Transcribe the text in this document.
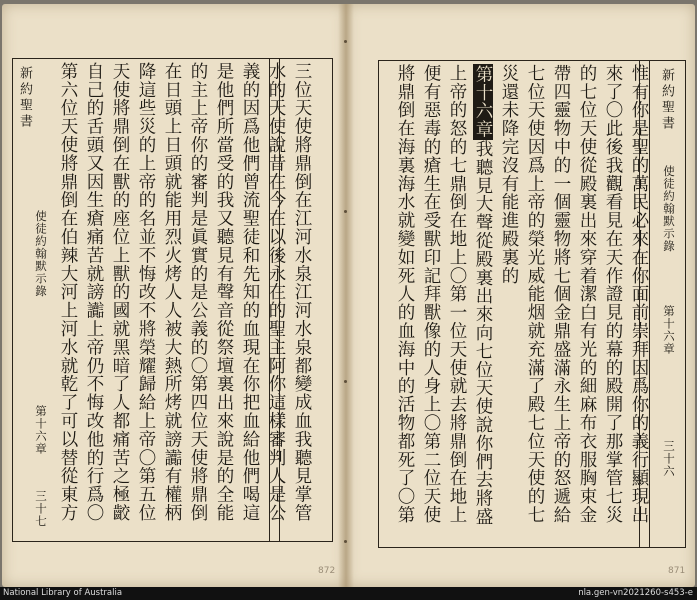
新約聖書
使徒約翰默示錄
第十六章
三十七	三位天使將鼎倒在江河水泉江河水泉都變成血我聽見掌管
水的天使說昔在今在以後永在的聖主阿你這樣審判人是公
義的因爲他們曾流聖徒和先知的血現在你把血給他們喝這
是他們所當受的我又聽見有聲音從祭壇裏出來說是的全能
的主上帝你的審判是眞實的是公義的〇第四位天使將鼎倒
在日頭上日頭就能用烈火烤人人被大熱所烤就謗讟有權柄
降這些災的上帝的名並不悔改不將榮耀歸給上帝〇第五位
天使將鼎倒在獸的座位上獸的國就黑暗了人都痛苦之極齩
自己的舌頭又因生瘡痛苦就謗讟上帝仍不悔改他的行爲〇
第六位天使將鼎倒在伯辣大河上河水就乾了可以替從東方
872
新約聖書
使徒約翰默示錄
第十六章
三十六
惟有你是聖的萬民必來在你面前崇拜因爲你的義行顯現出
來了〇此後我觀看見在天作證見的幕的殿開了那掌管七災
的七位天使從殿裏出來穿着潔白有光的細麻布衣服胸束金
帶四靈物中的一個靈物將七個金鼎盛滿永生上帝的怒遞給
七位天使因爲上帝的榮光威能烟就充滿了殿七位天使的七
災還未降完沒有能進殿裏的
第十六章我聽見大聲從殿裏出來向七位天使說你們去將盛
上帝的怒的七鼎倒在地上〇第一位天使就去將鼎倒在地上
便有惡毒的瘡生在受獸印記拜獸像的人身上〇第二位天使
將鼎倒在海裏海水就變如死人的血海中的活物都死了〇第
871
National Library of Australia	nla.gen-vn2021260-s453-e
